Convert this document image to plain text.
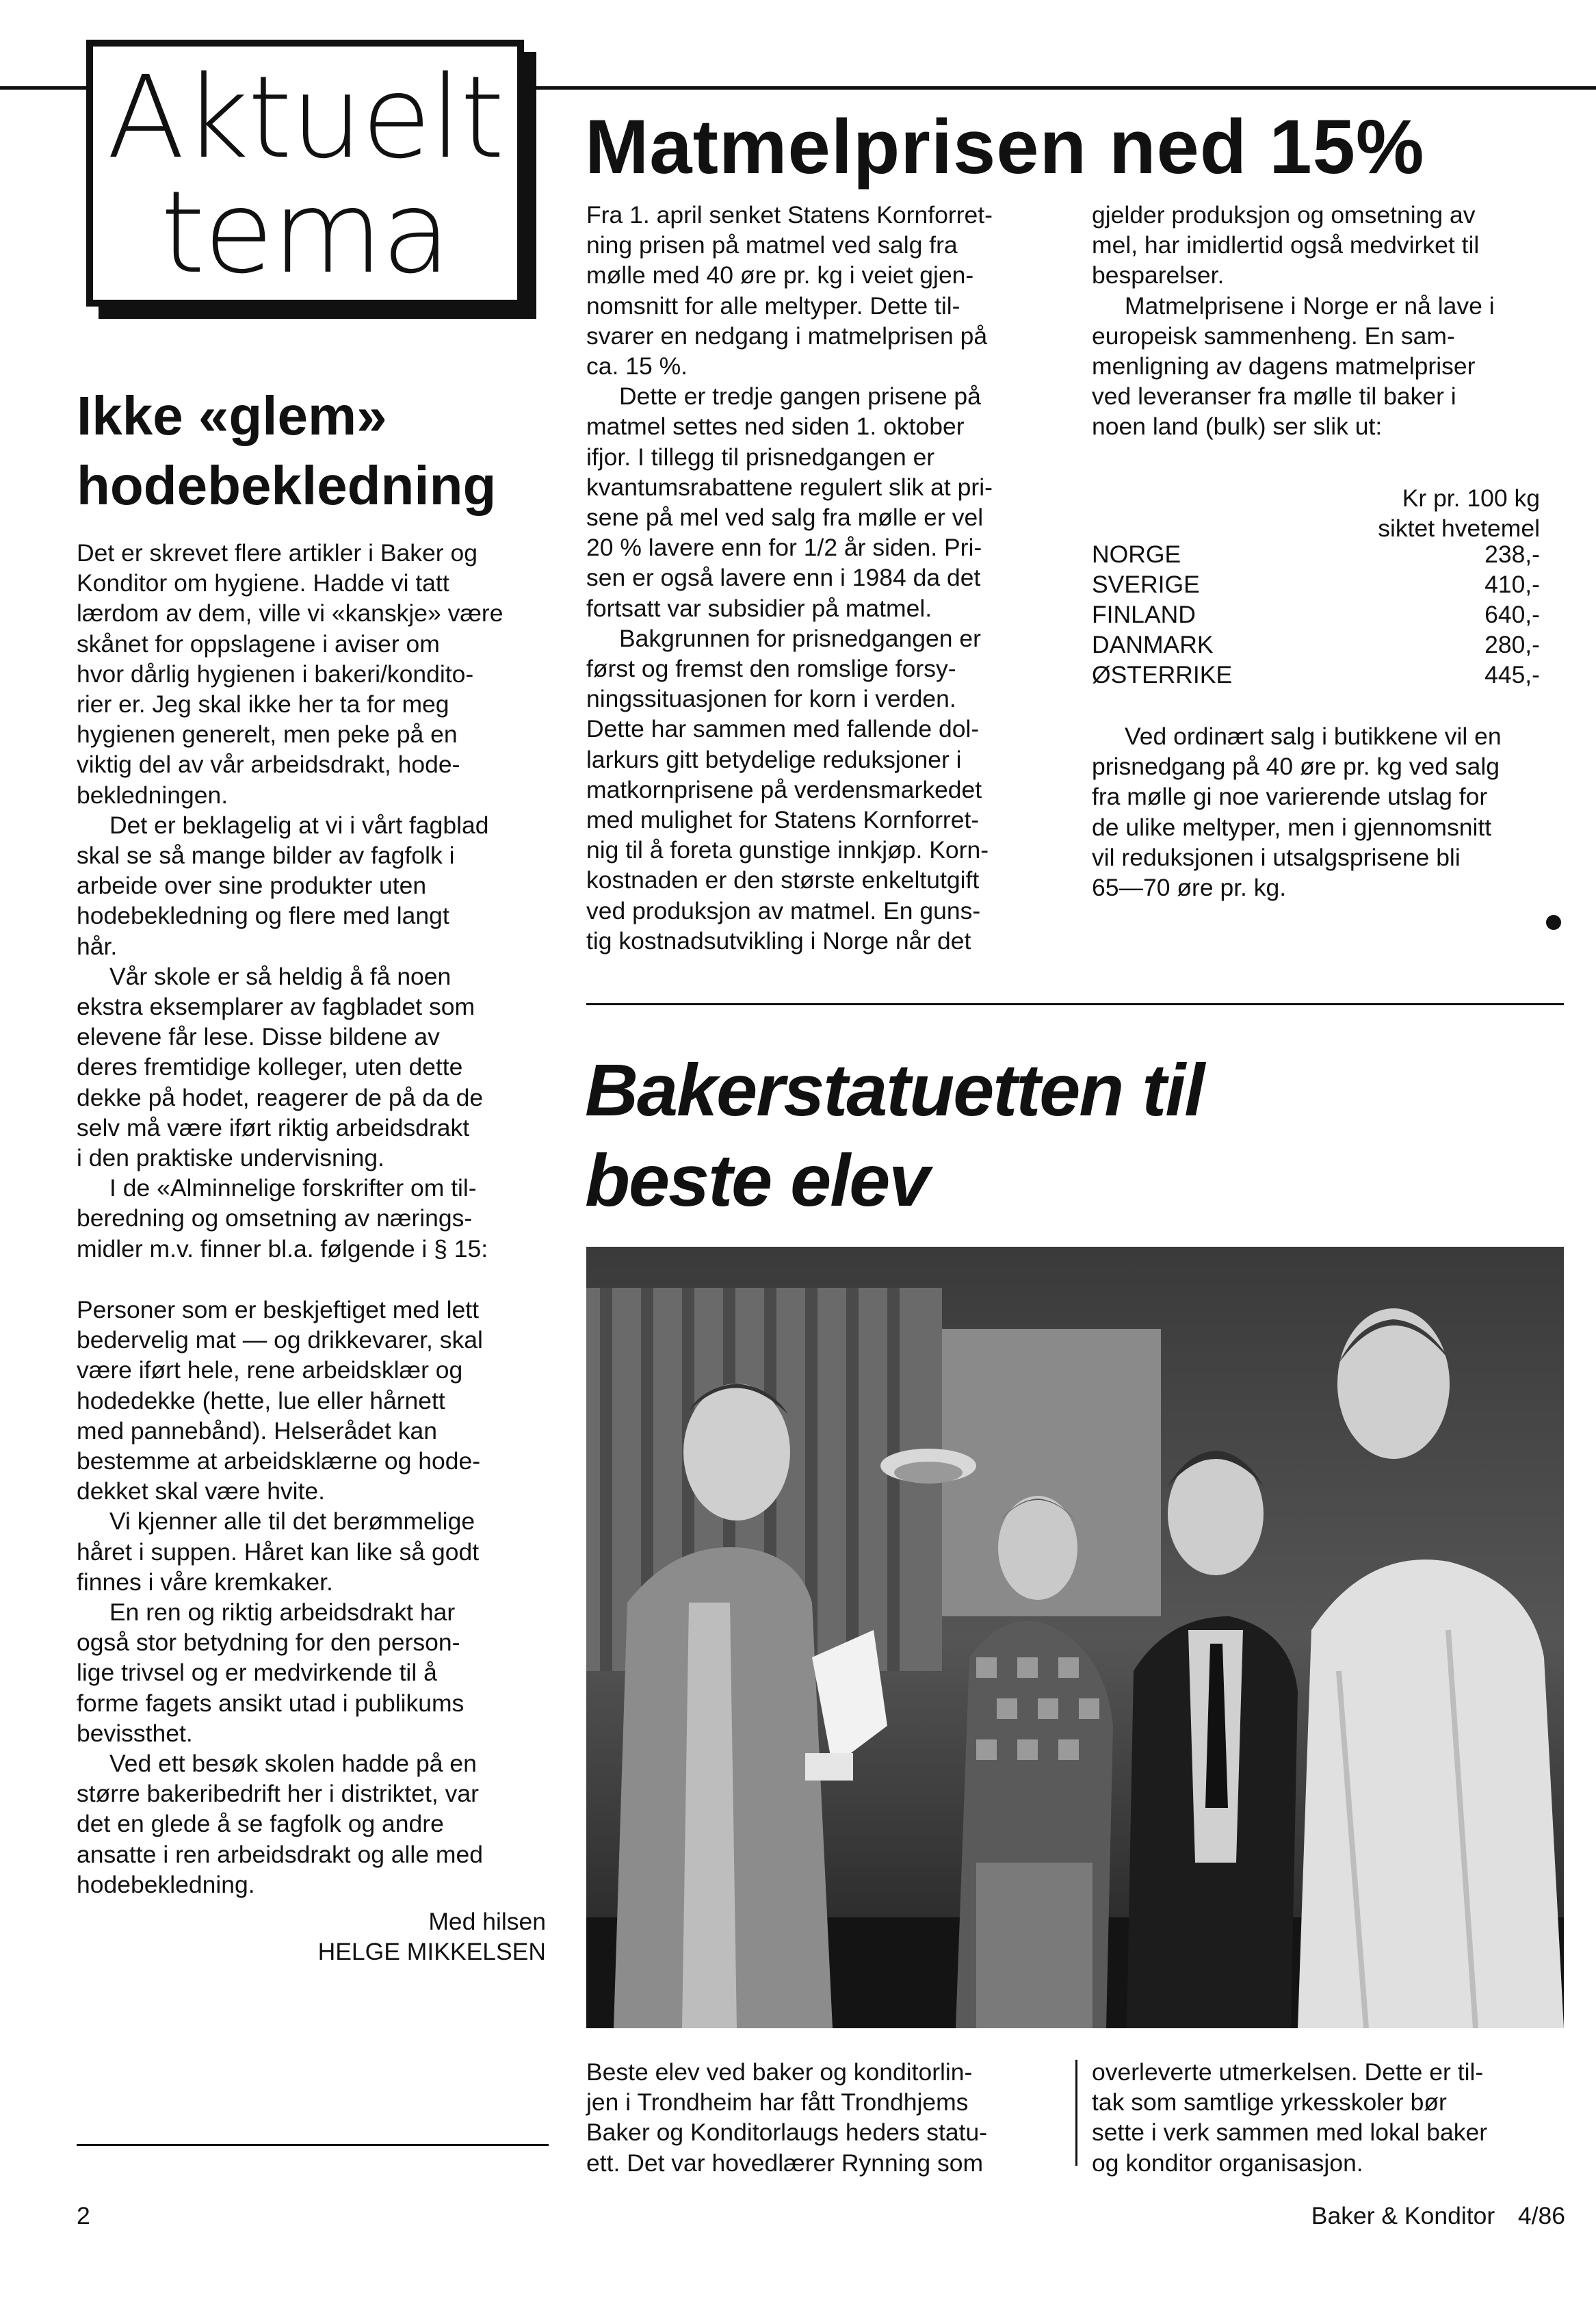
Aktuelt
tema
Matmelprisen ned 15%
Ikke «glem»
hodebekledning
Det er skrevet flere artikler i Baker og
Konditor om hygiene. Hadde vi tatt
lærdom av dem, ville vi «kanskje» være
skånet for oppslagene i aviser om
hvor dårlig hygienen i bakeri/kondito-
rier er. Jeg skal ikke her ta for meg
hygienen generelt, men peke på en
viktig del av vår arbeidsdrakt, hode-
bekledningen.
Det er beklagelig at vi i vårt fagblad
skal se så mange bilder av fagfolk i
arbeide over sine produkter uten
hodebekledning og flere med langt
hår.
Vår skole er så heldig å få noen
ekstra eksemplarer av fagbladet som
elevene får lese. Disse bildene av
deres fremtidige kolleger, uten dette
dekke på hodet, reagerer de på da de
selv må være iført riktig arbeidsdrakt
i den praktiske undervisning.
I de «Alminnelige forskrifter om til-
beredning og omsetning av nærings-
midler m.v. finner bl.a. følgende i § 15:
Personer som er beskjeftiget med lett
bedervelig mat — og drikkevarer, skal
være iført hele, rene arbeidsklær og
hodedekke (hette, lue eller hårnett
med pannebånd). Helserådet kan
bestemme at arbeidsklærne og hode-
dekket skal være hvite.
Vi kjenner alle til det berømmelige
håret i suppen. Håret kan like så godt
finnes i våre kremkaker.
En ren og riktig arbeidsdrakt har
også stor betydning for den person-
lige trivsel og er medvirkende til å
forme fagets ansikt utad i publikums
bevissthet.
Ved ett besøk skolen hadde på en
større bakeribedrift her i distriktet, var
det en glede å se fagfolk og andre
ansatte i ren arbeidsdrakt og alle med
hodebekledning.
Med hilsen
HELGE MIKKELSEN
Fra 1. april senket Statens Kornforret-
ning prisen på matmel ved salg fra
mølle med 40 øre pr. kg i veiet gjen-
nomsnitt for alle meltyper. Dette til-
svarer en nedgang i matmelprisen på
ca. 15 %.
Dette er tredje gangen prisene på
matmel settes ned siden 1. oktober
ifjor. I tillegg til prisnedgangen er
kvantumsrabattene regulert slik at pri-
sene på mel ved salg fra mølle er vel
20 % lavere enn for 1/2 år siden. Pri-
sen er også lavere enn i 1984 da det
fortsatt var subsidier på matmel.
Bakgrunnen for prisnedgangen er
først og fremst den romslige forsy-
ningssituasjonen for korn i verden.
Dette har sammen med fallende dol-
larkurs gitt betydelige reduksjoner i
matkornprisene på verdensmarkedet
med mulighet for Statens Kornforret-
nig til å foreta gunstige innkjøp. Korn-
kostnaden er den største enkeltutgift
ved produksjon av matmel. En guns-
tig kostnadsutvikling i Norge når det
gjelder produksjon og omsetning av
mel, har imidlertid også medvirket til
besparelser.
Matmelprisene i Norge er nå lave i
europeisk sammenheng. En sam-
menligning av dagens matmelpriser
ved leveranser fra mølle til baker i
noen land (bulk) ser slik ut:
Kr pr. 100 kg
siktet hvetemel
NORGE	238,-
SVERIGE	410,-
FINLAND	640,-
DANMARK	280,-
ØSTERRIKE	445,-
Ved ordinært salg i butikkene vil en
prisnedgang på 40 øre pr. kg ved salg
fra mølle gi noe varierende utslag for
de ulike meltyper, men i gjennomsnitt
vil reduksjonen i utsalgsprisene bli
65—70 øre pr. kg.
Bakerstatuetten til
beste elev
Beste elev ved baker og konditorlin-
jen i Trondheim har fått Trondhjems
Baker og Konditorlaugs heders statu-
ett. Det var hovedlærer Rynning som
overleverte utmerkelsen. Dette er til-
tak som samtlige yrkesskoler bør
sette i verk sammen med lokal baker
og konditor organisasjon.
2	Baker & Konditor 4/86
